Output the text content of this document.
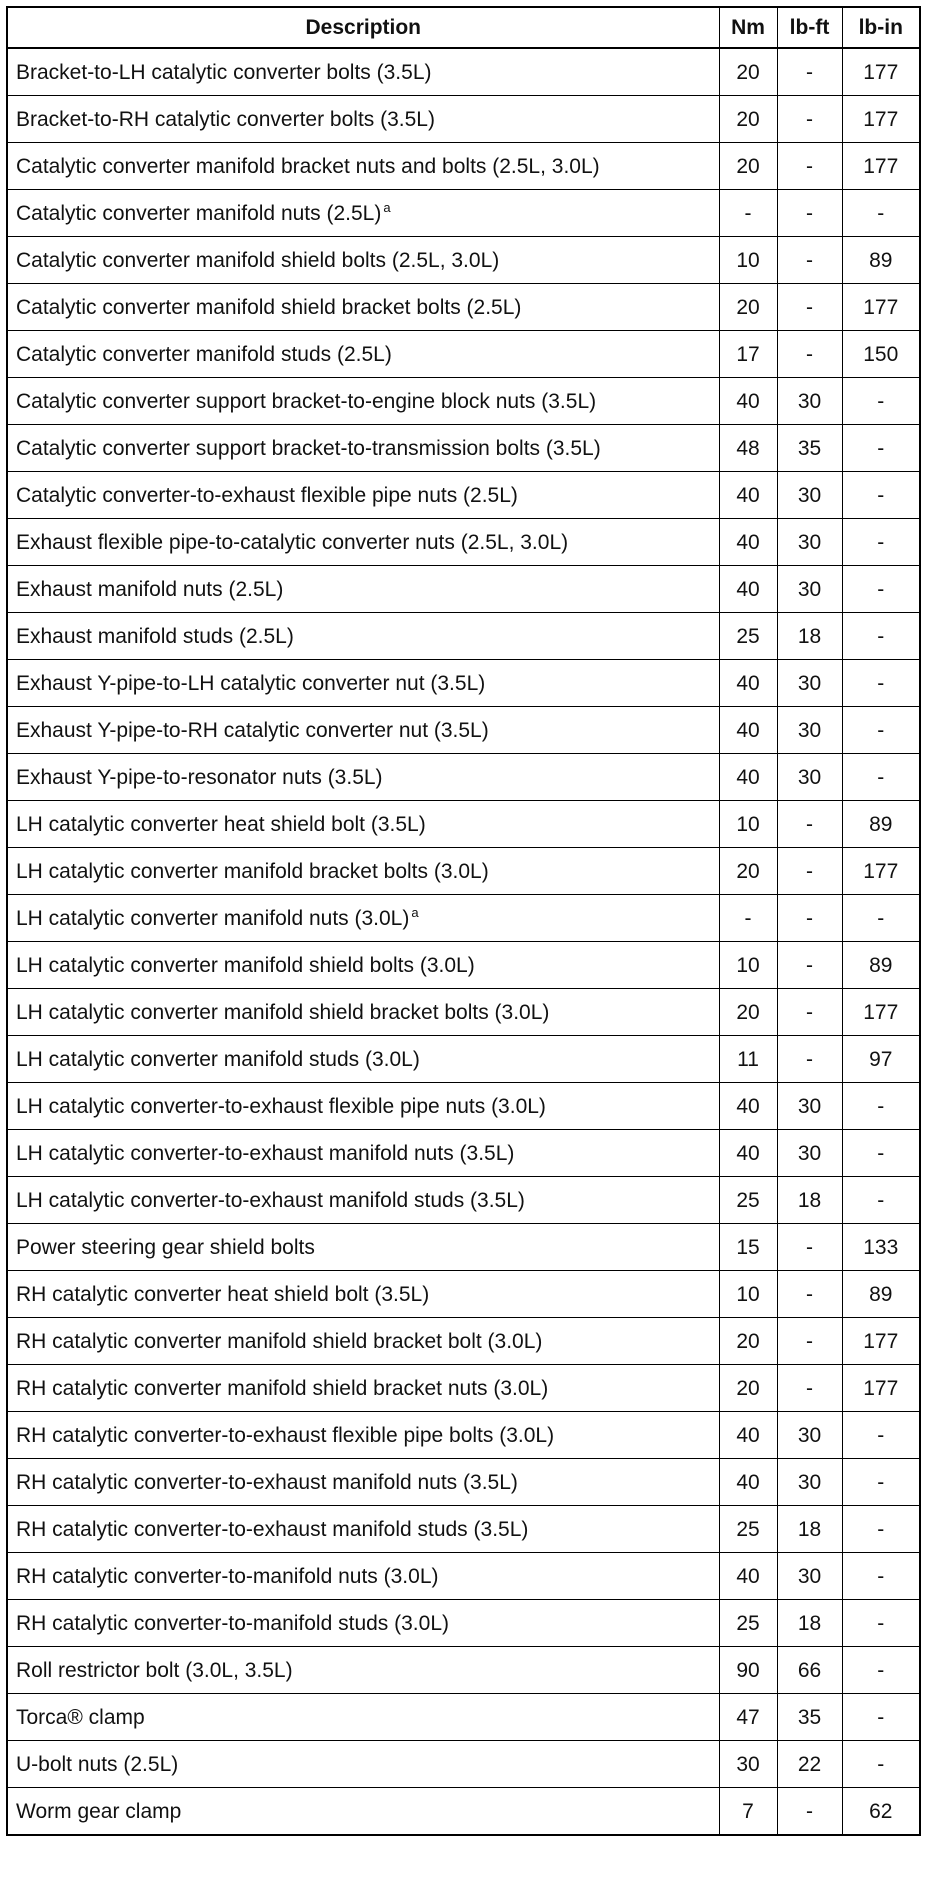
Description	Nm	lb-ft	lb-in
Bracket-to-LH catalytic converter bolts (3.5L)	20	-	177
Bracket-to-RH catalytic converter bolts (3.5L)	20	-	177
Catalytic converter manifold bracket nuts and bolts (2.5L, 3.0L)	20	-	177
Catalytic converter manifold nuts (2.5L) $^a$	-	-	-
Catalytic converter manifold shield bolts (2.5L, 3.0L)	10	-	89
Catalytic converter manifold shield bracket bolts (2.5L)	20	-	177
Catalytic converter manifold studs (2.5L)	17	-	150
Catalytic converter support bracket-to-engine block nuts (3.5L)	40	30	-
Catalytic converter support bracket-to-transmission bolts (3.5L)	48	35	-
Catalytic converter-to-exhaust flexible pipe nuts (2.5L)	40	30	-
Exhaust flexible pipe-to-catalytic converter nuts (2.5L, 3.0L)	40	30	-
Exhaust manifold nuts (2.5L)	40	30	-
Exhaust manifold studs (2.5L)	25	18	-
Exhaust Y-pipe-to-LH catalytic converter nut (3.5L)	40	30	-
Exhaust Y-pipe-to-RH catalytic converter nut (3.5L)	40	30	-
Exhaust Y-pipe-to-resonator nuts (3.5L)	40	30	-
LH catalytic converter heat shield bolt (3.5L)	10	-	89
LH catalytic converter manifold bracket bolts (3.0L)	20	-	177
LH catalytic converter manifold nuts (3.0L) $^a$	-	-	-
LH catalytic converter manifold shield bolts (3.0L)	10	-	89
LH catalytic converter manifold shield bracket bolts (3.0L)	20	-	177
LH catalytic converter manifold studs (3.0L)	11	-	97
LH catalytic converter-to-exhaust flexible pipe nuts (3.0L)	40	30	-
LH catalytic converter-to-exhaust manifold nuts (3.5L)	40	30	-
LH catalytic converter-to-exhaust manifold studs (3.5L)	25	18	-
Power steering gear shield bolts	15	-	133
RH catalytic converter heat shield bolt (3.5L)	10	-	89
RH catalytic converter manifold shield bracket bolt (3.0L)	20	-	177
RH catalytic converter manifold shield bracket nuts (3.0L)	20	-	177
RH catalytic converter-to-exhaust flexible pipe bolts (3.0L)	40	30	-
RH catalytic converter-to-exhaust manifold nuts (3.5L)	40	30	-
RH catalytic converter-to-exhaust manifold studs (3.5L)	25	18	-
RH catalytic converter-to-manifold nuts (3.0L)	40	30	-
RH catalytic converter-to-manifold studs (3.0L)	25	18	-
Roll restrictor bolt (3.0L, 3.5L)	90	66	-
Torca® clamp	47	35	-
U-bolt nuts (2.5L)	30	22	-
Worm gear clamp	7	-	62
